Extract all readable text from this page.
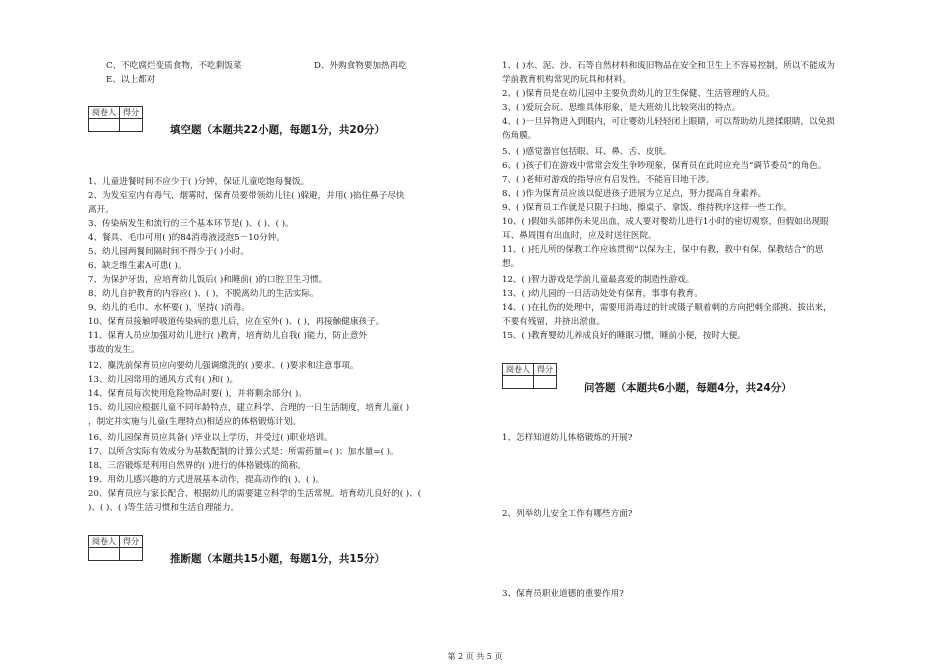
C、不吃腐烂变质食物，不吃剩饭菜	D、外购食物要加热再吃
E、以上都对
阅卷人	得分

填空题（本题共22小题，每题1分，共20分）
1、儿童进餐时间不应少于( )分钟，保证儿童吃饱每餐饭。
2、为发室室内有毒气、烟雾时，保育员要带领幼儿往( )躲避，并用( )掐住鼻子尽快
离开。
3、传染病发生和流行的三个基本环节是( )、( )、( )。
4、餐具、毛巾可用( )的84消毒液浸泡5－10分钟。
5、幼儿园两餐间隔时间不得少于( )小时。
6、缺乏维生素A可患( )。
7、为保护牙齿，应培育幼儿饭后( )和睡前( )的口腔卫生习惯。
8、幼儿自护教育的内容应( )、( )，不脱离幼儿的生活实际。
9、幼儿的毛巾、水杯要( )，坚持( )消毒。
10、保育员接触呼吸道传染病的患儿后，应在室外( )、( )，再接触健康孩子。
11、保育人员应加强对幼儿进行( )教育，培育幼儿自我( )能力，防止意外
事故的发生。
12、麋洗前保育员应向要幼儿强调缴洗的( )要求、( )要求和注意事项。
13、幼儿园常用的通风方式有( )和( )。
14、保育员每次使用危险物品时要( )，并将剩余部分( )。
15、幼儿园应根据儿童不同年龄特点，建立科学、合理的一日生活制度，培育儿童( )
，制定并实施与儿童(生理特点)相适应的体格锻炼计划。
16、幼儿园保育员应具备( )毕业以上学历，并受过( )职业培训。
17、以所含实际有效成分为基数配制的计算公式是：所需药量=( )；加水量=( )。
18、三浴锻炼是利用自然界的( )进行的体格锻炼的简称。
19、用幼儿感兴趣的方式进展基本动作，提高动作的( )、( )。
20、保育员应与家长配合，根据幼儿的需要建立科学的生活常规。培育幼儿良好的( )、(
)、( )、( )等生活习惯和生活自理能力。
阅卷人	得分

推断题（本题共15小题，每题1分，共15分）
1、( )水、泥、沙、石等自然材料和废旧物品在安全和卫生上不容易控制，所以不能成为
学前教育机构常见的玩具和材料。
2、( )保育员是在幼儿园中主要负责幼儿的卫生保健、生活管理的人员。
3、( )爱玩会玩、思维具体形象，是大班幼儿比较突出的特点。
4、( )一旦异物进入到眼内，可让婴幼儿轻轻闭上眼睛，可以帮助幼儿搓揉眼睛，以免损
伤角膜。
5、( )感觉器官包括眼、耳、鼻、舌、皮肤。
6、( )孩子们在游戏中常常会发生争吵现象，保育员在此时应充当“调节委员”的角色。
7、( )老师对游戏的指导应有启发性，不能盲目地干涉。
8、( )作为保育员应该以促进孩子进展为立足点，努力提高自身素养。
9、( )保育员工作就是只限于扫地、擦桌子、拿饭、维持秩序这样一些工作。
10、( )假如头部摔伤未见出血，成人要对婴幼儿进行1小时的密切观察，但假如出现眼
耳、鼻周围有出血时，应及时送往医院。
11、( )托儿所的保教工作应该贯彻“以保为主，保中有教，教中有保，保教结合”的思
想。
12、( )智力游戏是学前儿童最喜爱的制造性游戏。
13、( )幼儿园的一日活动处处有保育，事事有教育。
14、( )在扎伤的处理中，需要用消毒过的针或镊子顺着刺的方向把刺全部挑、拔出来，
不要有残留，并挤出淤血。
15、( )教育婴幼儿养成良好的睡眠习惯，睡前小便，按时大便。
阅卷人	得分

问答题（本题共6小题，每题4分，共24分）
1、怎样知道幼儿体格锻炼的开展?
2、列举幼儿安全工作有哪些方面?
3、保育员职业道德的重要作用?
第 2 页 共 5 页
